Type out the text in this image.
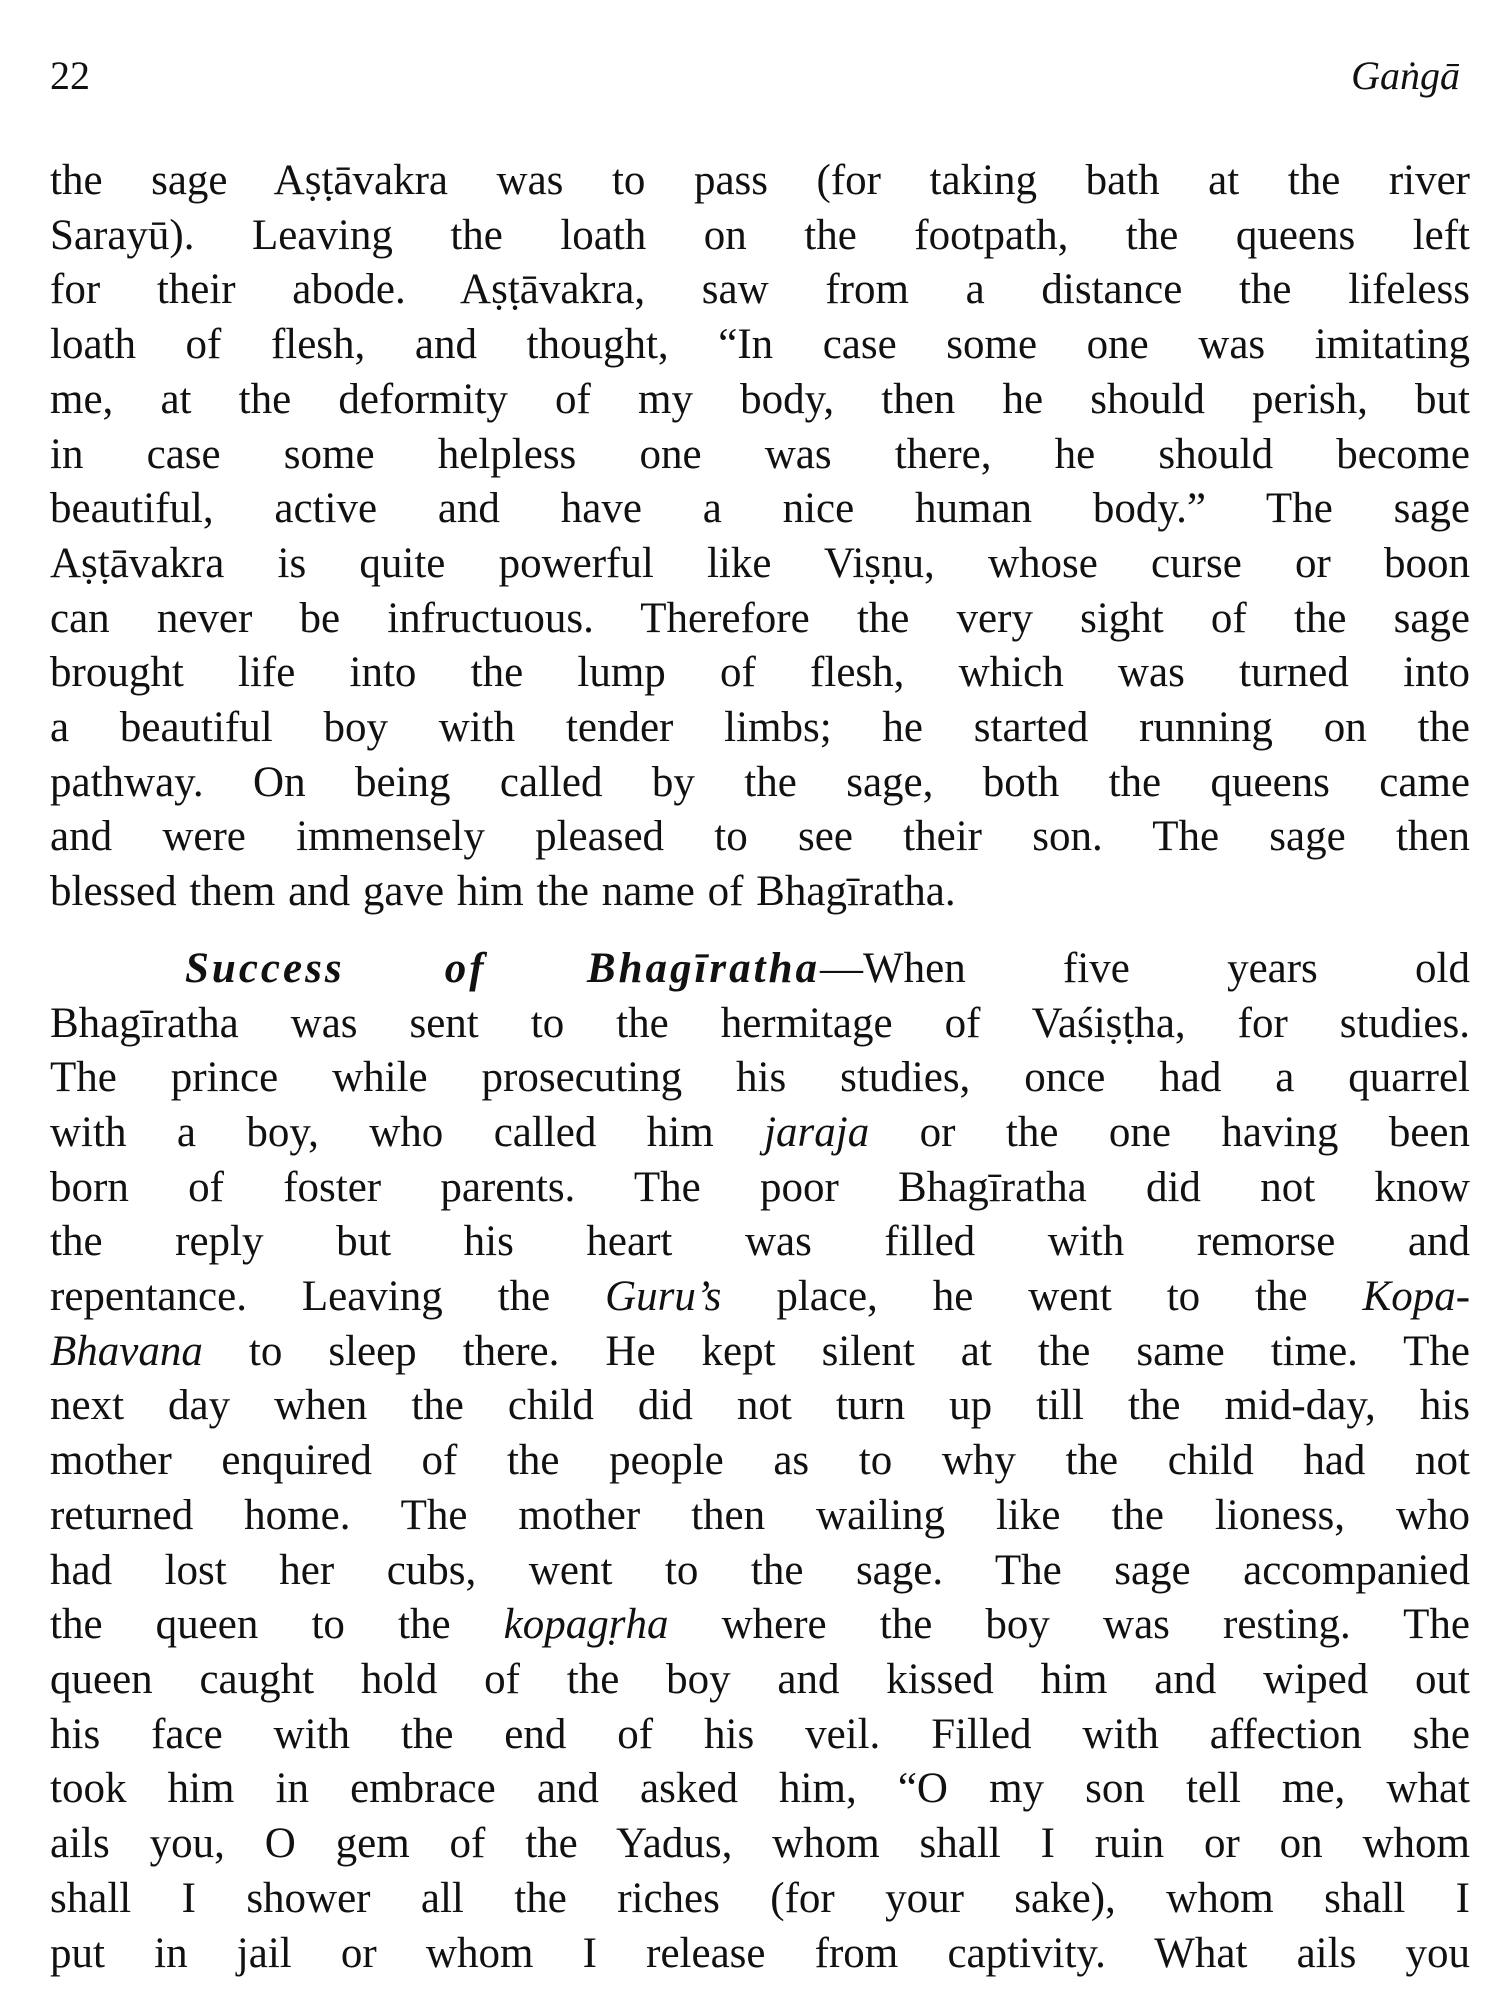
22	Gaṅgā
the sage Aṣṭāvakra was to pass (for taking bath at the river
Sarayū). Leaving the loath on the footpath, the queens left
for their abode. Aṣṭāvakra, saw from a distance the lifeless
loath of flesh, and thought, “In case some one was imitating
me, at the deformity of my body, then he should perish, but
in case some helpless one was there, he should become
beautiful, active and have a nice human body.” The sage
Aṣṭāvakra is quite powerful like Viṣṇu, whose curse or boon
can never be infructuous. Therefore the very sight of the sage
brought life into the lump of flesh, which was turned into
a beautiful boy with tender limbs; he started running on the
pathway. On being called by the sage, both the queens came
and were immensely pleased to see their son. The sage then
blessed them and gave him the name of Bhagīratha.
Success of Bhagīratha—When five years old
Bhagīratha was sent to the hermitage of Vaśiṣṭha, for studies.
The prince while prosecuting his studies, once had a quarrel
with a boy, who called him jaraja or the one having been
born of foster parents. The poor Bhagīratha did not know
the reply but his heart was filled with remorse and
repentance. Leaving the Guru’s place, he went to the Kopa-
Bhavana to sleep there. He kept silent at the same time. The
next day when the child did not turn up till the mid-day, his
mother enquired of the people as to why the child had not
returned home. The mother then wailing like the lioness, who
had lost her cubs, went to the sage. The sage accompanied
the queen to the kopagṛha where the boy was resting. The
queen caught hold of the boy and kissed him and wiped out
his face with the end of his veil. Filled with affection she
took him in embrace and asked him, “O my son tell me, what
ails you, O gem of the Yadus, whom shall I ruin or on whom
shall I shower all the riches (for your sake), whom shall I
put in jail or whom I release from captivity. What ails you
